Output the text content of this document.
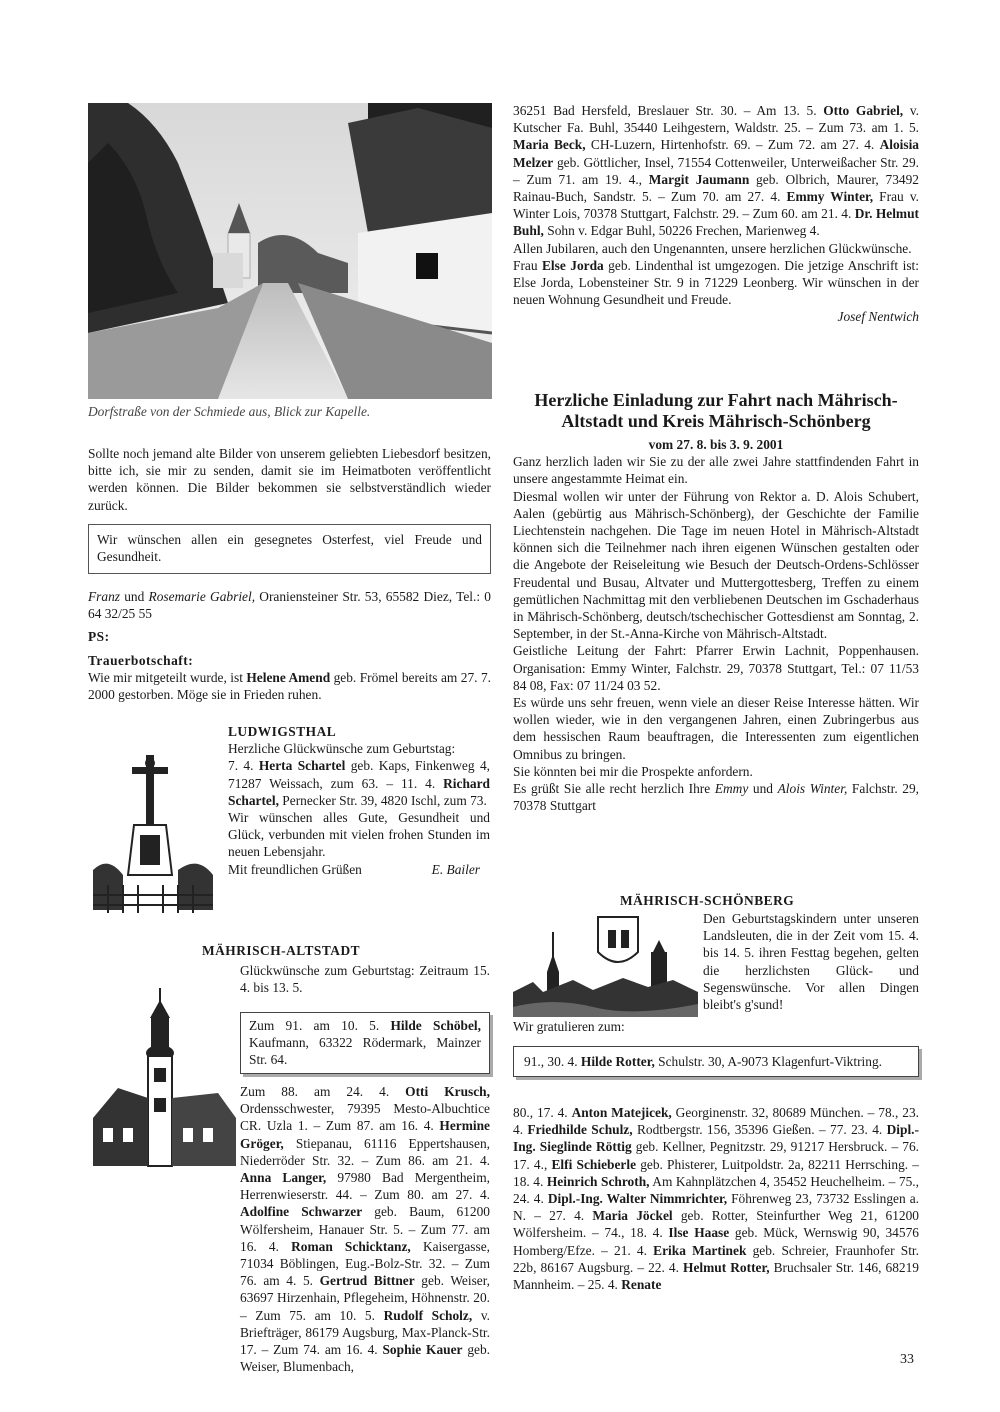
Dorfstraße von der Schmiede aus, Blick zur Kapelle.

Sollte noch jemand alte Bilder von unserem geliebten Liebesdorf besitzen, bitte ich, sie mir zu senden, damit sie im Heimatboten veröffentlicht werden können. Die Bilder bekommen sie selbstverständlich wieder zurück.

Wir wünschen allen ein gesegnetes Osterfest, viel Freude und Gesundheit.

Franz und Rosemarie Gabriel, Oraniensteiner Str. 53, 65582 Diez, Tel.: 0 64 32/25 55

PS:

Trauerbotschaft:

Wie mir mitgeteilt wurde, ist Helene Amend geb. Frömel bereits am 27. 7. 2000 gestorben. Möge sie in Frieden ruhen.

LUDWIGSTHAL

Herzliche Glückwünsche zum Geburtstag:

7. 4. Herta Schartel geb. Kaps, Finkenweg 4, 71287 Weissach, zum 63. – 11. 4. Richard Schartel, Pernecker Str. 39, 4820 Ischl, zum 73.

Wir wünschen alles Gute, Gesundheit und Glück, verbunden mit vielen frohen Stunden im neuen Lebensjahr.

Mit freundlichen Grüßen	E. Bailer

MÄHRISCH-ALTSTADT

Glückwünsche zum Geburtstag: Zeitraum 15. 4. bis 13. 5.

Zum 91. am 10. 5. Hilde Schöbel, Kaufmann, 63322 Rödermark, Mainzer Str. 64.

Zum 88. am 24. 4. Otti Krusch, Ordensschwester, 79395 Mesto-Albuchtice CR. Uzla 1. – Zum 87. am 16. 4. Hermine Gröger, Stiepanau, 61116 Eppertshausen, Niederröder Str. 32. – Zum 86. am 21. 4. Anna Langer, 97980 Bad Mergentheim, Herrenwieserstr. 44. – Zum 80. am 27. 4. Adolfine Schwarzer geb. Baum, 61200 Wölfersheim, Hanauer Str. 5. – Zum 77. am 16. 4. Roman Schicktanz, Kaisergasse, 71034 Böblingen, Eug.-Bolz-Str. 32. – Zum 76. am 4. 5. Gertrud Bittner geb. Weiser, 63697 Hirzenhain, Pflegeheim, Höhnenstr. 20. – Zum 75. am 10. 5. Rudolf Scholz, v. Briefträger, 86179 Augsburg, Max-Planck-Str. 17. – Zum 74. am 16. 4. Sophie Kauer geb. Weiser, Blumenbach,

36251 Bad Hersfeld, Breslauer Str. 30. – Am 13. 5. Otto Gabriel, v. Kutscher Fa. Buhl, 35440 Leihgestern, Waldstr. 25. – Zum 73. am 1. 5. Maria Beck, CH-Luzern, Hirtenhofstr. 69. – Zum 72. am 27. 4. Aloisia Melzer geb. Göttlicher, Insel, 71554 Cottenweiler, Unterweißacher Str. 29. – Zum 71. am 19. 4., Margit Jaumann geb. Olbrich, Maurer, 73492 Rainau-Buch, Sandstr. 5. – Zum 70. am 27. 4. Emmy Winter, Frau v. Winter Lois, 70378 Stuttgart, Falchstr. 29. – Zum 60. am 21. 4. Dr. Helmut Buhl, Sohn v. Edgar Buhl, 50226 Frechen, Marienweg 4.

Allen Jubilaren, auch den Ungenannten, unsere herzlichen Glückwünsche.

Frau Else Jorda geb. Lindenthal ist umgezogen. Die jetzige Anschrift ist: Else Jorda, Lobensteiner Str. 9 in 71229 Leonberg. Wir wünschen in der neuen Wohnung Gesundheit und Freude.

Josef Nentwich

Herzliche Einladung zur Fahrt nach Mährisch-Altstadt und Kreis Mährisch-Schönberg

vom 27. 8. bis 3. 9. 2001

Ganz herzlich laden wir Sie zu der alle zwei Jahre stattfindenden Fahrt in unsere angestammte Heimat ein.

Diesmal wollen wir unter der Führung von Rektor a. D. Alois Schubert, Aalen (gebürtig aus Mährisch-Schönberg), der Geschichte der Familie Liechtenstein nachgehen. Die Tage im neuen Hotel in Mährisch-Altstadt können sich die Teilnehmer nach ihren eigenen Wünschen gestalten oder die Angebote der Reiseleitung wie Besuch der Deutsch-Ordens-Schlösser Freudental und Busau, Altvater und Muttergottesberg, Treffen zu einem gemütlichen Nachmittag mit den verbliebenen Deutschen im Gschaderhaus in Mährisch-Schönberg, deutsch/tschechischer Gottesdienst am Sonntag, 2. September, in der St.-Anna-Kirche von Mährisch-Altstadt.

Geistliche Leitung der Fahrt: Pfarrer Erwin Lachnit, Poppenhausen. Organisation: Emmy Winter, Falchstr. 29, 70378 Stuttgart, Tel.: 07 11/53 84 08, Fax: 07 11/24 03 52.

Es würde uns sehr freuen, wenn viele an dieser Reise Interesse hätten. Wir wollen wieder, wie in den vergangenen Jahren, einen Zubringerbus aus dem hessischen Raum beauftragen, die Interessenten zum eigentlichen Omnibus zu bringen.

Sie könnten bei mir die Prospekte anfordern.

Es grüßt Sie alle recht herzlich Ihre Emmy und Alois Winter, Falchstr. 29, 70378 Stuttgart

MÄHRISCH-SCHÖNBERG

Den Geburtstagskindern unter unseren Landsleuten, die in der Zeit vom 15. 4. bis 14. 5. ihren Festtag begehen, gelten die herzlichsten Glück- und Segenswünsche. Vor allen Dingen bleibt's g'sund!

Wir gratulieren zum:

91., 30. 4. Hilde Rotter, Schulstr. 30, A-9073 Klagenfurt-Viktring.

80., 17. 4. Anton Matejicek, Georginenstr. 32, 80689 München. – 78., 23. 4. Friedhilde Schulz, Rodtbergstr. 156, 35396 Gießen. – 77. 23. 4. Dipl.-Ing. Sieglinde Röttig geb. Kellner, Pegnitzstr. 29, 91217 Hersbruck. – 76. 17. 4., Elfi Schieberle geb. Phisterer, Luitpoldstr. 2a, 82211 Herrsching. – 18. 4. Heinrich Schroth, Am Kahnplätzchen 4, 35452 Heuchelheim. – 75., 24. 4. Dipl.-Ing. Walter Nimmrichter, Föhrenweg 23, 73732 Esslingen a. N. – 27. 4. Maria Jöckel geb. Rotter, Steinfurther Weg 21, 61200 Wölfersheim. – 74., 18. 4. Ilse Haase geb. Mück, Wernswig 90, 34576 Homberg/Efze. – 21. 4. Erika Martinek geb. Schreier, Fraunhofer Str. 22b, 86167 Augsburg. – 22. 4. Helmut Rotter, Bruchsaler Str. 146, 68219 Mannheim. – 25. 4. Renate

33
